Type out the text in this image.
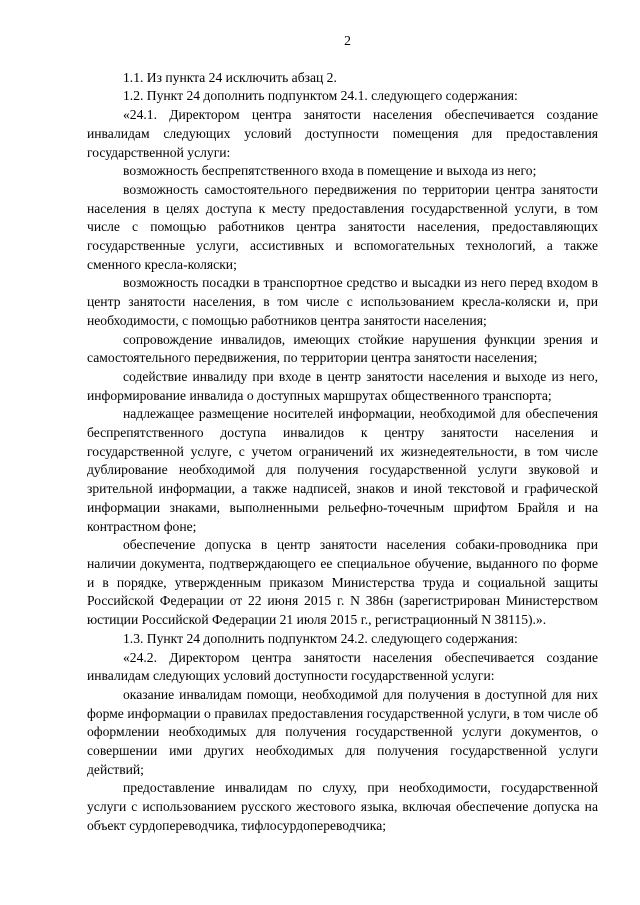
2

1.1. Из пункта 24 исключить абзац 2.

1.2. Пункт 24 дополнить подпунктом 24.1. следующего содержания:

«24.1. Директором центра занятости населения обеспечивается создание инвалидам следующих условий доступности помещения для предоставления государственной услуги:

возможность беспрепятственного входа в помещение и выхода из него;

возможность самостоятельного передвижения по территории центра занятости населения в целях доступа к месту предоставления государственной услуги, в том числе с помощью работников центра занятости населения, предоставляющих государственные услуги, ассистивных и вспомогательных технологий, а также сменного кресла-коляски;

возможность посадки в транспортное средство и высадки из него перед входом в центр занятости населения, в том числе с использованием кресла-коляски и, при необходимости, с помощью работников центра занятости населения;

сопровождение инвалидов, имеющих стойкие нарушения функции зрения и самостоятельного передвижения, по территории центра занятости населения;

содействие инвалиду при входе в центр занятости населения и выходе из него, информирование инвалида о доступных маршрутах общественного транспорта;

надлежащее размещение носителей информации, необходимой для обеспечения беспрепятственного доступа инвалидов к центру занятости населения и государственной услуге, с учетом ограничений их жизнедеятельности, в том числе дублирование необходимой для получения государственной услуги звуковой и зрительной информации, а также надписей, знаков и иной текстовой и графической информации знаками, выполненными рельефно-точечным шрифтом Брайля и на контрастном фоне;

обеспечение допуска в центр занятости населения собаки-проводника при наличии документа, подтверждающего ее специальное обучение, выданного по форме и в порядке, утвержденным приказом Министерства труда и социальной защиты Российской Федерации от 22 июня 2015 г. N 386н (зарегистрирован Министерством юстиции Российской Федерации 21 июля 2015 г., регистрационный N 38115).».

1.3. Пункт 24 дополнить подпунктом 24.2. следующего содержания:

«24.2. Директором центра занятости населения обеспечивается создание инвалидам следующих условий доступности государственной услуги:

оказание инвалидам помощи, необходимой для получения в доступной для них форме информации о правилах предоставления государственной услуги, в том числе об оформлении необходимых для получения государственной услуги документов, о совершении ими других необходимых для получения государственной услуги действий;

предоставление инвалидам по слуху, при необходимости, государственной услуги с использованием русского жестового языка, включая обеспечение допуска на объект сурдопереводчика, тифлосурдопереводчика;
